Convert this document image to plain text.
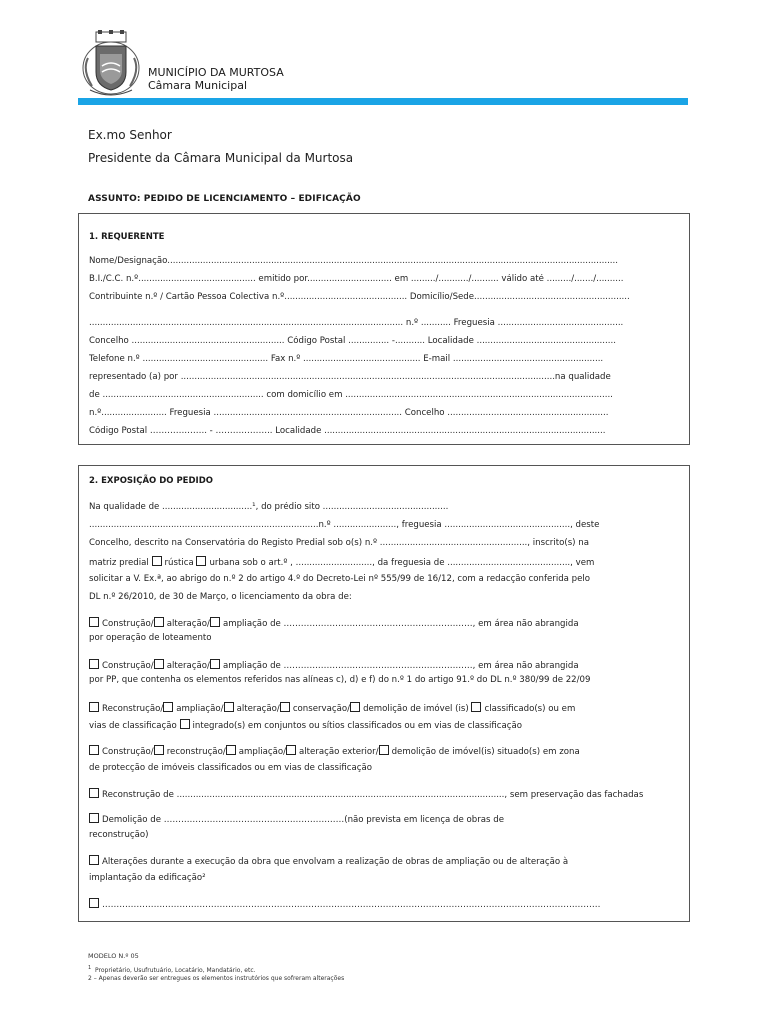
MUNICÍPIO DA MURTOSA
Câmara Municipal
Ex.mo Senhor
Presidente da Câmara Municipal da Murtosa
ASSUNTO: PEDIDO DE LICENCIAMENTO – EDIFICAÇÃO
1. REQUERENTE
Nome/Designação.....................................................................................................................................................................
B.I./C.C. n.º........................................... emitido por............................... em ........./.........../.......... válido até ........./......./..........
Contribuinte n.º / Cartão Pessoa Colectiva n.º............................................. Domicílio/Sede.........................................................
................................................................................................................... n.º ........... Freguesia ..............................................
Concelho ........................................................ Código Postal ............... -........... Localidade ...................................................
Telefone n.º .............................................. Fax n.º ........................................... E-mail .......................................................
representado (a) por .........................................................................................................................................na qualidade
de ........................................................... com domicílio em ..................................................................................................
n.º........................ Freguesia ..................................................................... Concelho ...........................................................
Código Postal ……………….. - ……………….. Localidade .......................................................................................................
2. EXPOSIÇÃO DO PEDIDO
Na qualidade de .................................¹, do prédio sito ..............................................
....................................................................................n.º ......................., freguesia .............................................., deste
Concelho, descrito na Conservatória do Registo Predial sob o(s) n.º ......................................................, inscrito(s) na
matriz predial rústica urbana sob o art.º , ............................, da freguesia de ............................................., vem
solicitar a V. Ex.ª, ao abrigo do n.º 2 do artigo 4.º do Decreto-Lei nº 555/99 de 16/12, com a redacção conferida pelo
DL n.º 26/2010, de 30 de Março, o licenciamento da obra de:
Construção/ alteração/ ampliação de …………………………………………………………, em área não abrangida
por operação de loteamento
Construção/ alteração/ ampliação de …………………………………………………………, em área não abrangida
por PP, que contenha os elementos referidos nas alíneas c), d) e f) do n.º 1 do artigo 91.º do DL n.º 380/99 de 22/09
Reconstrução/ ampliação/ alteração/ conservação/ demolição de imóvel (is) classificado(s) ou em
vias de classificação integrado(s) em conjuntos ou sítios classificados ou em vias de classificação
Construção/ reconstrução/ ampliação/ alteração exterior/ demolição de imóvel(is) situado(s) em zona
de protecção de imóveis classificados ou em vias de classificação
Reconstrução de ........................................................................................................................, sem preservação das fachadas
Demolição de ………………………………………………………(não prevista em licença de obras de
reconstrução)
Alterações durante a execução da obra que envolvam a realização de obras de ampliação ou de alteração à
implantação da edificação²
…………………………………………………………………………………………………………………………………………………………
MODELO N.º 05
$^1$ Proprietário, Usufrutuário, Locatário, Mandatário, etc.
2 – Apenas deverão ser entregues os elementos instrutórios que sofreram alterações
